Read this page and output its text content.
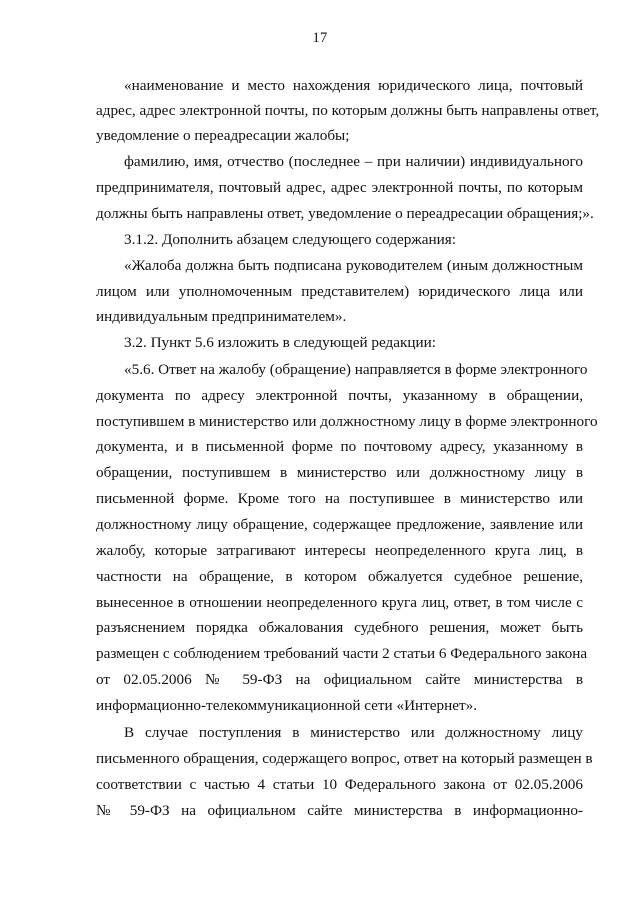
17
«наименование и место нахождения юридического лица, почтовый
адрес, адрес электронной почты, по которым должны быть направлены ответ,
уведомление о переадресации жалобы;
фамилию, имя, отчество (последнее – при наличии) индивидуального
предпринимателя, почтовый адрес, адрес электронной почты, по которым
должны быть направлены ответ, уведомление о переадресации обращения;».
3.1.2. Дополнить абзацем следующего содержания:
«Жалоба должна быть подписана руководителем (иным должностным
лицом или уполномоченным представителем) юридического лица или
индивидуальным предпринимателем».
3.2. Пункт 5.6 изложить в следующей редакции:
«5.6. Ответ на жалобу (обращение) направляется в форме электронного
документа по адресу электронной почты, указанному в обращении,
поступившем в министерство или должностному лицу в форме электронного
документа, и в письменной форме по почтовому адресу, указанному в
обращении, поступившем в министерство или должностному лицу в
письменной форме. Кроме того на поступившее в министерство или
должностному лицу обращение, содержащее предложение, заявление или
жалобу, которые затрагивают интересы неопределенного круга лиц, в
частности на обращение, в котором обжалуется судебное решение,
вынесенное в отношении неопределенного круга лиц, ответ, в том числе с
разъяснением порядка обжалования судебного решения, может быть
размещен с соблюдением требований части 2 статьи 6 Федерального закона
от 02.05.2006 № 59-ФЗ на официальном сайте министерства в
информационно-телекоммуникационной сети «Интернет».
В случае поступления в министерство или должностному лицу
письменного обращения, содержащего вопрос, ответ на который размещен в
соответствии с частью 4 статьи 10 Федерального закона от 02.05.2006
№ 59-ФЗ на официальном сайте министерства в информационно-
